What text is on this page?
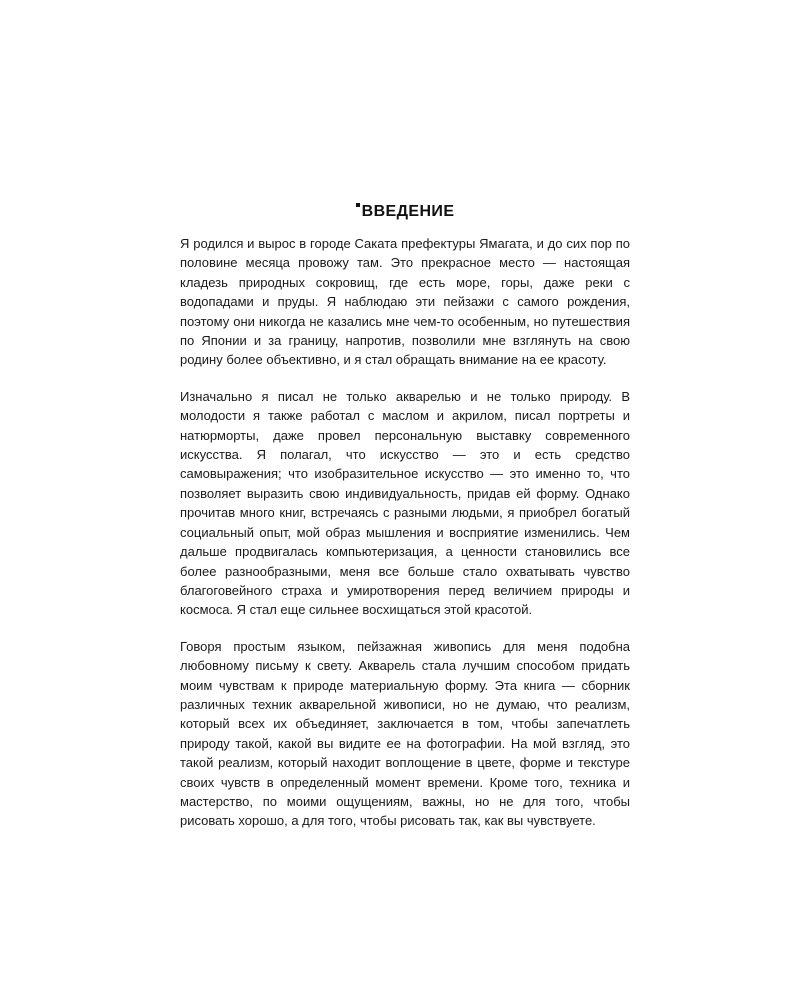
ВВЕДЕНИЕ

Я родился и вырос в городе Саката префектуры Ямагата, и до сих пор по половине месяца провожу там. Это прекрасное место — настоящая кладезь природных сокровищ, где есть море, горы, даже реки с водопадами и пруды. Я наблюдаю эти пейзажи с самого рождения, поэтому они никогда не казались мне чем-то особенным, но путешествия по Японии и за границу, напротив, позволили мне взглянуть на свою родину более объективно, и я стал обращать внимание на ее красоту.

Изначально я писал не только акварелью и не только природу. В молодости я также работал с маслом и акрилом, писал портреты и натюрморты, даже провел персональную выставку современного искусства. Я полагал, что искусство — это и есть средство самовыражения; что изобразительное искусство — это именно то, что позволяет выразить свою индивидуальность, придав ей форму. Однако прочитав много книг, встречаясь с разными людьми, я приобрел богатый социальный опыт, мой образ мышления и восприятие изменились. Чем дальше продвигалась компьютеризация, а ценности становились все более разнообразными, меня все больше стало охватывать чувство благоговейного страха и умиротворения перед величием природы и космоса. Я стал еще сильнее восхищаться этой красотой.

Говоря простым языком, пейзажная живопись для меня подобна любовному письму к свету. Акварель стала лучшим способом придать моим чувствам к природе материальную форму. Эта книга — сборник различных техник акварельной живописи, но не думаю, что реализм, который всех их объединяет, заключается в том, чтобы запечатлеть природу такой, какой вы видите ее на фотографии. На мой взгляд, это такой реализм, который находит воплощение в цвете, форме и текстуре своих чувств в определенный момент времени. Кроме того, техника и мастерство, по моими ощущениям, важны, но не для того, чтобы рисовать хорошо, а для того, чтобы рисовать так, как вы чувствуете.
